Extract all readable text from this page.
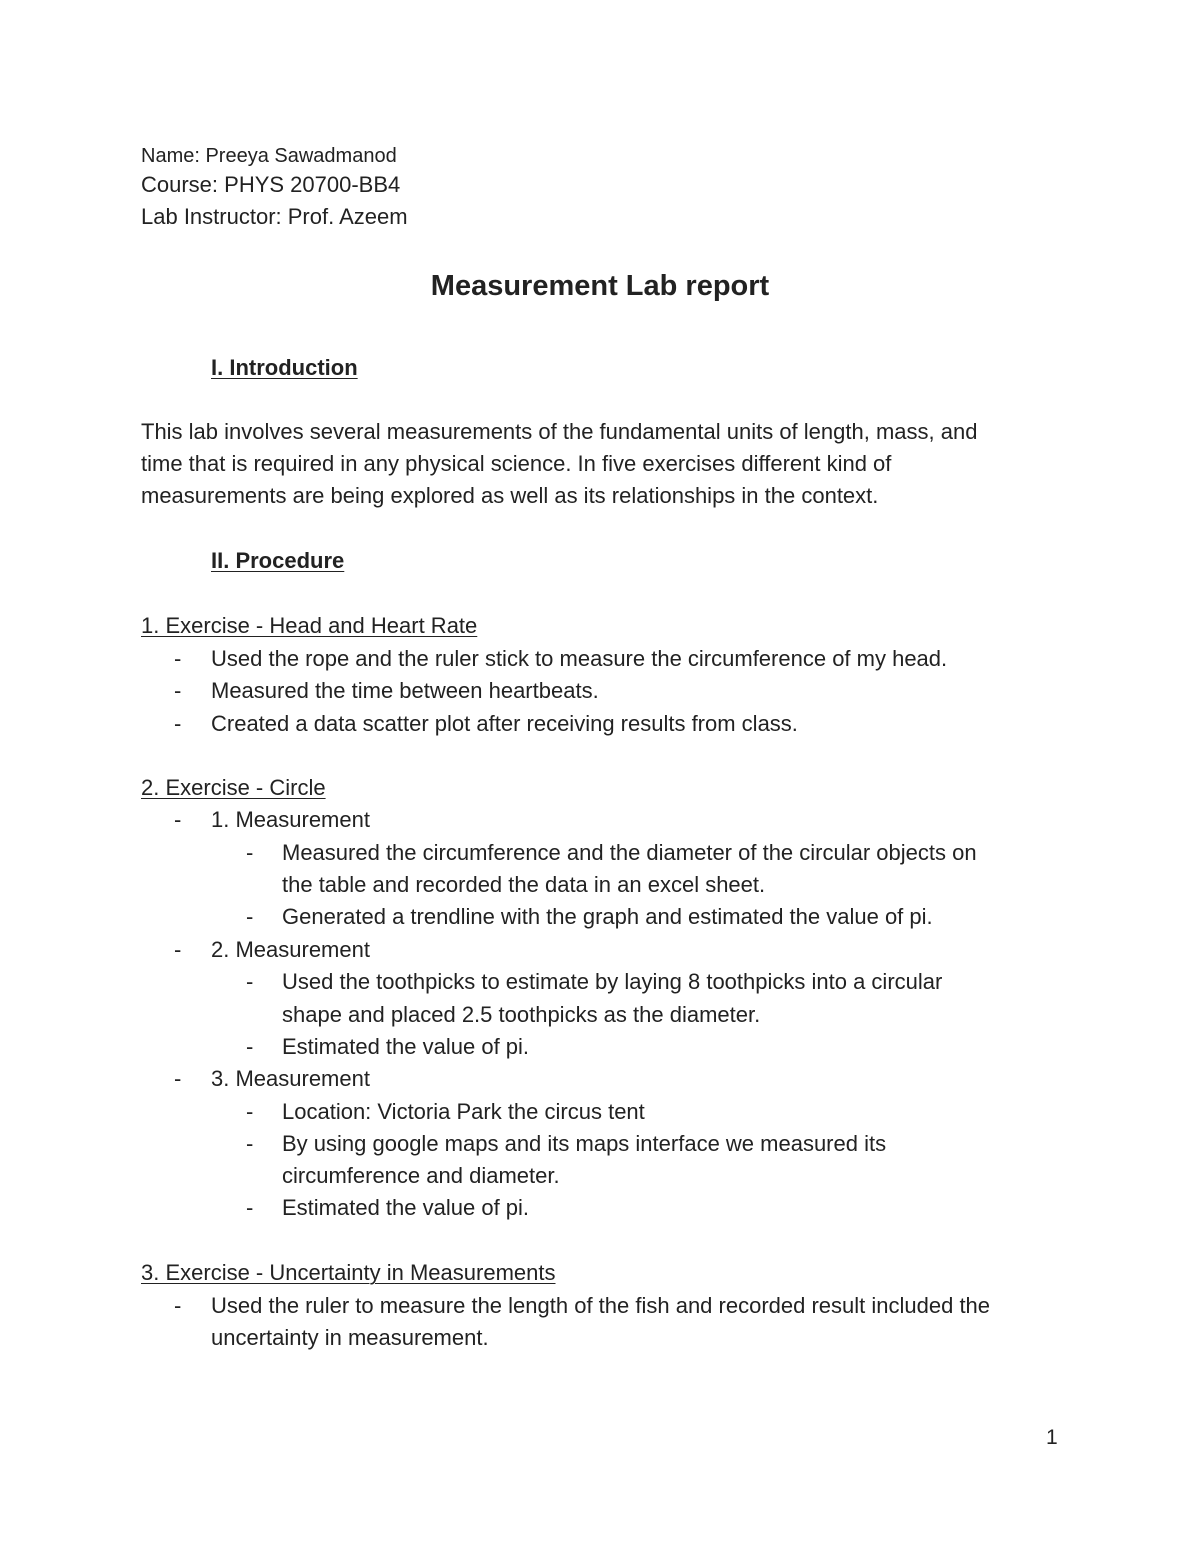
Name: Preeya Sawadmanod
Course: PHYS 20700-BB4
Lab Instructor: Prof. Azeem
Measurement Lab report
I. Introduction
This lab involves several measurements of the fundamental units of length, mass, and
time that is required in any physical science. In five exercises different kind of
measurements are being explored as well as its relationships in the context.
II. Procedure
1. Exercise - Head and Heart Rate
- Used the rope and the ruler stick to measure the circumference of my head.
- Measured the time between heartbeats.
- Created a data scatter plot after receiving results from class.
2. Exercise - Circle
- 1. Measurement
- Measured the circumference and the diameter of the circular objects on
the table and recorded the data in an excel sheet.
- Generated a trendline with the graph and estimated the value of pi.
- 2. Measurement
- Used the toothpicks to estimate by laying 8 toothpicks into a circular
shape and placed 2.5 toothpicks as the diameter.
- Estimated the value of pi.
- 3. Measurement
- Location: Victoria Park the circus tent
- By using google maps and its maps interface we measured its
circumference and diameter.
- Estimated the value of pi.
3. Exercise - Uncertainty in Measurements
- Used the ruler to measure the length of the fish and recorded result included the
uncertainty in measurement.
1
